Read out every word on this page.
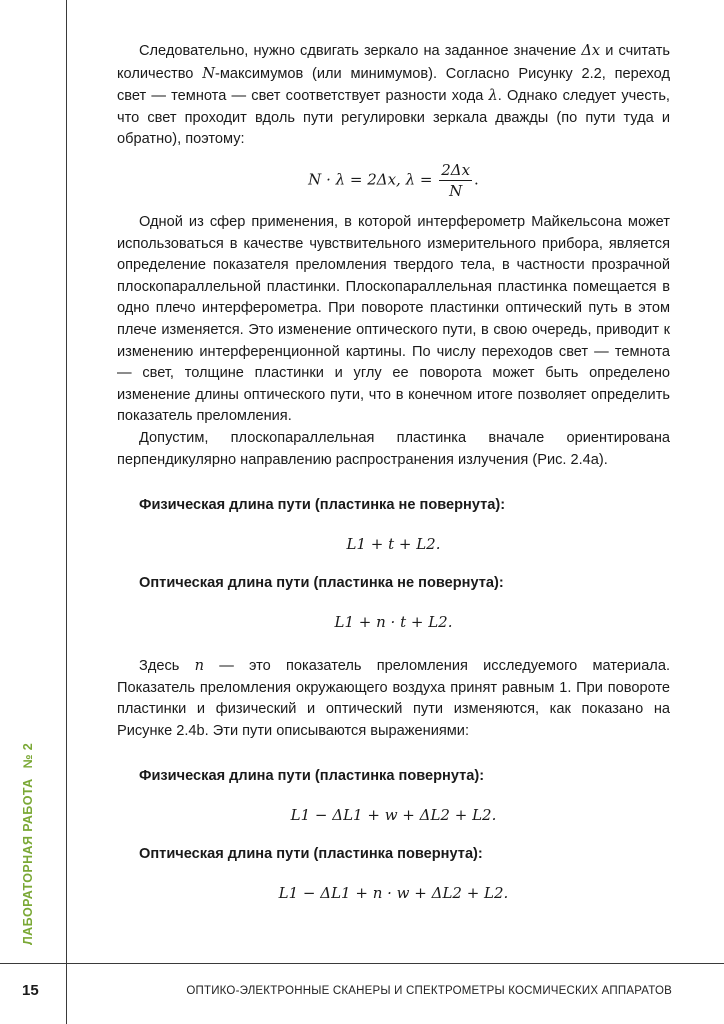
ЛАБОРАТОРНАЯ РАБОТА№ 2
15	ОПТИКО-ЭЛЕКТРОННЫЕ СКАНЕРЫ И СПЕКТРОМЕТРЫ КОСМИЧЕСКИХ АППАРАТОВ

Следовательно, нужно сдвигать зеркало на заданное значение Δx и считать количество N-максимумов (или минимумов). Согласно Рисунку 2.2, переход свет — темнота — свет соответствует разности хода λ. Однако следует учесть, что свет проходит вдоль пути регулировки зеркала дважды (по пути туда и обратно), поэтому:

N · λ = 2Δx, $\lambda = \frac{2\Delta x}{N}$ .

Одной из сфер применения, в которой интерферометр Майкельсона может использоваться в качестве чувствительного измерительного прибора, является определение показателя преломления твердого тела, в частности прозрачной плоскопараллельной пластинки. Плоскопараллельная пластинка помещается в одно плечо интерферометра. При повороте пластинки оптический путь в этом плече изменяется. Это изменение оптического пути, в свою очередь, приводит к изменению интерференционной картины. По числу переходов свет — темнота — свет, толщине пластинки и углу ее поворота может быть определено изменение длины оптического пути, что в конечном итоге позволяет определить показатель преломления.

Допустим, плоскопараллельная пластинка вначале ориентирована перпендикулярно направлению распространения излучения (Рис. 2.4a).

Физическая длина пути (пластинка не повернута):
L1 + t + L2.
Оптическая длина пути (пластинка не повернута):
L1 + n · t + L2.

Здесь n — это показатель преломления исследуемого материала. Показатель преломления окружающего воздуха принят равным 1. При повороте пластинки и физический и оптический пути изменяются, как показано на Рисунке 2.4b. Эти пути описываются выражениями:

Физическая длина пути (пластинка повернута):
L1 − ΔL1 + w + ΔL2 + L2.
Оптическая длина пути (пластинка повернута):
L1 − ΔL1 + n · w + ΔL2 + L2.
